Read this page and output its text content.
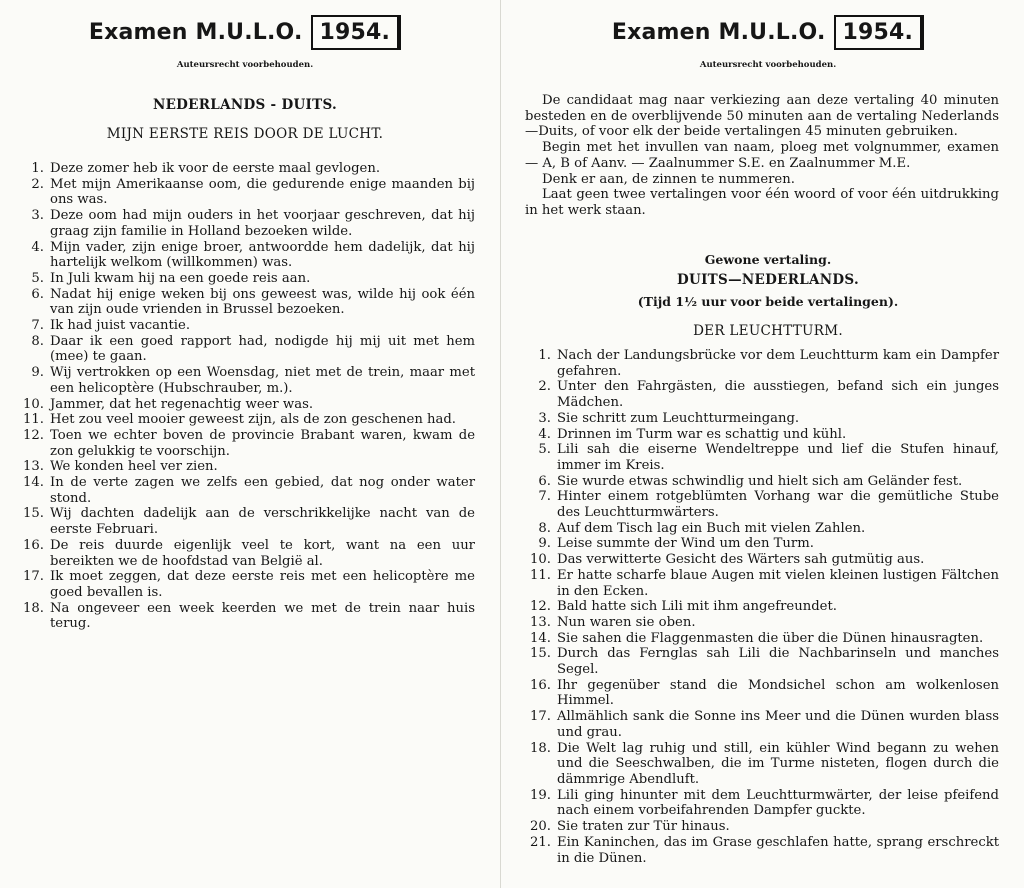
Examen M.U.L.O. 1954.
Auteursrecht voorbehouden.
NEDERLANDS - DUITS.
MIJN EERSTE REIS DOOR DE LUCHT.
1. Deze zomer heb ik voor de eerste maal gevlogen.
2. Met mijn Amerikaanse oom, die gedurende enige maanden bij ons was.
3. Deze oom had mijn ouders in het voorjaar geschreven, dat hij graag zijn familie in Holland bezoeken wilde.
4. Mijn vader, zijn enige broer, antwoordde hem dadelijk, dat hij hartelijk welkom (willkommen) was.
5. In Juli kwam hij na een goede reis aan.
6. Nadat hij enige weken bij ons geweest was, wilde hij ook één van zijn oude vrienden in Brussel bezoeken.
7. Ik had juist vacantie.
8. Daar ik een goed rapport had, nodigde hij mij uit met hem (mee) te gaan.
9. Wij vertrokken op een Woensdag, niet met de trein, maar met een helicoptère (Hubschrauber, m.).
10. Jammer, dat het regenachtig weer was.
11. Het zou veel mooier geweest zijn, als de zon geschenen had.
12. Toen we echter boven de provincie Brabant waren, kwam de zon gelukkig te voorschijn.
13. We konden heel ver zien.
14. In de verte zagen we zelfs een gebied, dat nog onder water stond.
15. Wij dachten dadelijk aan de verschrikkelijke nacht van de eerste Februari.
16. De reis duurde eigenlijk veel te kort, want na een uur bereikten we de hoofdstad van België al.
17. Ik moet zeggen, dat deze eerste reis met een helicoptère me goed bevallen is.
18. Na ongeveer een week keerden we met de trein naar huis terug.
Examen M.U.L.O. 1954.
Auteursrecht voorbehouden.

De candidaat mag naar verkiezing aan deze vertaling 40 minuten besteden en de overblijvende 50 minuten aan de vertaling Nederlands—Duits, of voor elk der beide vertalingen 45 minuten gebruiken.

Begin met het invullen van naam, ploeg met volgnummer, examen — A, B of Aanv. — Zaalnummer S.E. en Zaalnummer M.E.

Denk er aan, de zinnen te nummeren.

Laat geen twee vertalingen voor één woord of voor één uitdrukking in het werk staan.

Gewone vertaling.
DUITS—NEDERLANDS.
(Tijd 1½ uur voor beide vertalingen).
DER LEUCHTTURM.
1. Nach der Landungsbrücke vor dem Leuchtturm kam ein Dampfer gefahren.
2. Unter den Fahrgästen, die ausstiegen, befand sich ein junges Mädchen.
3. Sie schritt zum Leuchtturmeingang.
4. Drinnen im Turm war es schattig und kühl.
5. Lili sah die eiserne Wendeltreppe und lief die Stufen hinauf, immer im Kreis.
6. Sie wurde etwas schwindlig und hielt sich am Geländer fest.
7. Hinter einem rotgeblümten Vorhang war die gemütliche Stube des Leuchtturmwärters.
8. Auf dem Tisch lag ein Buch mit vielen Zahlen.
9. Leise summte der Wind um den Turm.
10. Das verwitterte Gesicht des Wärters sah gutmütig aus.
11. Er hatte scharfe blaue Augen mit vielen kleinen lustigen Fältchen in den Ecken.
12. Bald hatte sich Lili mit ihm angefreundet.
13. Nun waren sie oben.
14. Sie sahen die Flaggenmasten die über die Dünen hinausragten.
15. Durch das Fernglas sah Lili die Nachbarinseln und manches Segel.
16. Ihr gegenüber stand die Mondsichel schon am wolkenlosen Himmel.
17. Allmählich sank die Sonne ins Meer und die Dünen wurden blass und grau.
18. Die Welt lag ruhig und still, ein kühler Wind begann zu wehen und die Seeschwalben, die im Turme nisteten, flogen durch die dämmrige Abendluft.
19. Lili ging hinunter mit dem Leuchtturmwärter, der leise pfeifend nach einem vorbeifahrenden Dampfer guckte.
20. Sie traten zur Tür hinaus.
21. Ein Kaninchen, das im Grase geschlafen hatte, sprang erschreckt in die Dünen.
